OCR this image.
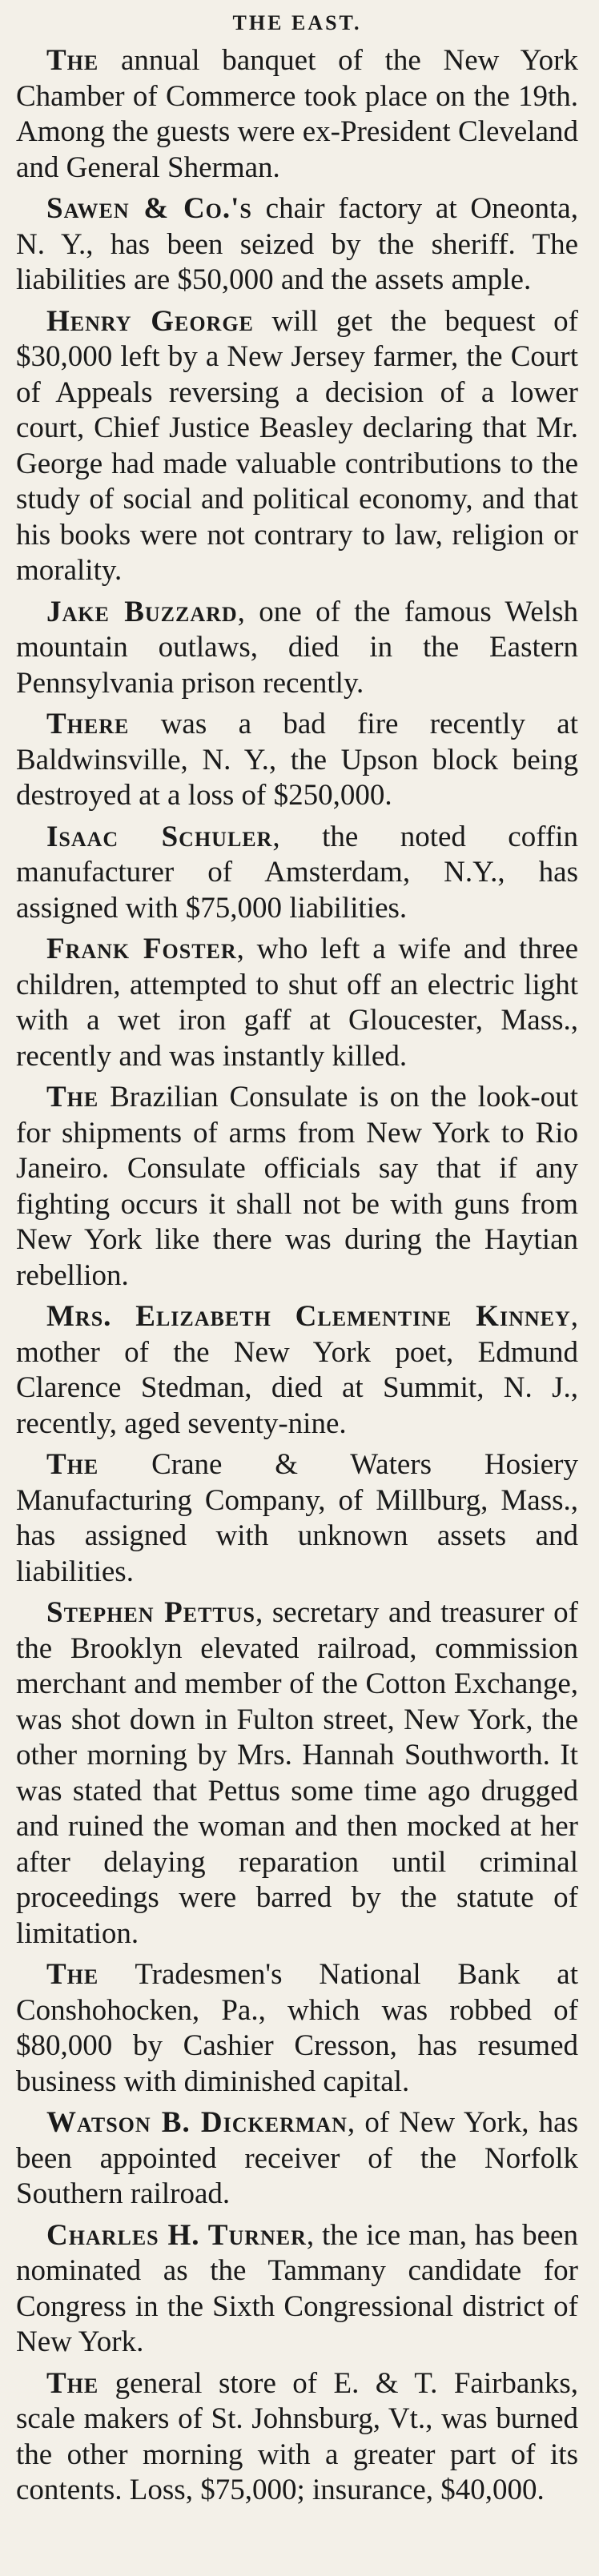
THE EAST.

The annual banquet of the New York Chamber of Commerce took place on the 19th. Among the guests were ex-President Cleveland and General Sherman.

Sawen & Co.'s chair factory at Oneonta, N. Y., has been seized by the sheriff. The liabilities are $50,000 and the assets ample.

Henry George will get the bequest of $30,000 left by a New Jersey farmer, the Court of Appeals reversing a decision of a lower court, Chief Justice Beasley declaring that Mr. George had made valuable contributions to the study of social and political economy, and that his books were not contrary to law, religion or morality.

Jake Buzzard, one of the famous Welsh mountain outlaws, died in the Eastern Pennsylvania prison recently.

There was a bad fire recently at Baldwinsville, N. Y., the Upson block being destroyed at a loss of $250,000.

Isaac Schuler, the noted coffin manufacturer of Amsterdam, N.Y., has assigned with $75,000 liabilities.

Frank Foster, who left a wife and three children, attempted to shut off an electric light with a wet iron gaff at Gloucester, Mass., recently and was instantly killed.

The Brazilian Consulate is on the look-out for shipments of arms from New York to Rio Janeiro. Consulate officials say that if any fighting occurs it shall not be with guns from New York like there was during the Haytian rebellion.

Mrs. Elizabeth Clementine Kinney, mother of the New York poet, Edmund Clarence Stedman, died at Summit, N. J., recently, aged seventy-nine.

The Crane & Waters Hosiery Manufacturing Company, of Millburg, Mass., has assigned with unknown assets and liabilities.

Stephen Pettus, secretary and treasurer of the Brooklyn elevated railroad, commission merchant and member of the Cotton Exchange, was shot down in Fulton street, New York, the other morning by Mrs. Hannah Southworth. It was stated that Pettus some time ago drugged and ruined the woman and then mocked at her after delaying reparation until criminal proceedings were barred by the statute of limitation.

The Tradesmen's National Bank at Conshohocken, Pa., which was robbed of $80,000 by Cashier Cresson, has resumed business with diminished capital.

Watson B. Dickerman, of New York, has been appointed receiver of the Norfolk Southern railroad.

Charles H. Turner, the ice man, has been nominated as the Tammany candidate for Congress in the Sixth Congressional district of New York.

The general store of E. & T. Fairbanks, scale makers of St. Johnsburg, Vt., was burned the other morning with a greater part of its contents. Loss, $75,000; insurance, $40,000.
